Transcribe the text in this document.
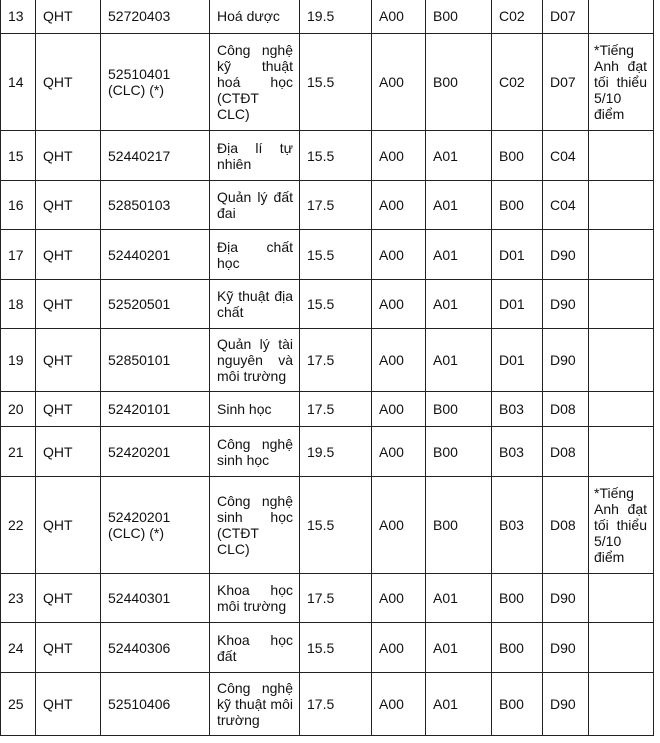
13	QHT	52720403	Hoá dược	19.5	A00	B00	C02	D07	
14	QHT	52510401 (CLC) (*)	Công nghệ kỹ thuật hoá học (CTĐT CLC)	15.5	A00	B00	C02	D07	*Tiếng Anh đạt tối thiểu 5/10 điểm
15	QHT	52440217	Địa lí tự nhiên	15.5	A00	A01	B00	C04	
16	QHT	52850103	Quản lý đất đai	17.5	A00	A01	B00	C04	
17	QHT	52440201	Địa chất học	15.5	A00	A01	D01	D90	
18	QHT	52520501	Kỹ thuật địa chất	15.5	A00	A01	D01	D90	
19	QHT	52850101	Quản lý tài nguyên và môi trường	17.5	A00	A01	D01	D90	
20	QHT	52420101	Sinh học	17.5	A00	B00	B03	D08	
21	QHT	52420201	Công nghệ sinh học	19.5	A00	B00	B03	D08	
22	QHT	52420201 (CLC) (*)	Công nghệ sinh học (CTĐT CLC)	15.5	A00	B00	B03	D08	*Tiếng Anh đạt tối thiểu 5/10 điểm
23	QHT	52440301	Khoa học môi trường	17.5	A00	A01	B00	D90	
24	QHT	52440306	Khoa học đất	15.5	A00	A01	B00	D90	
25	QHT	52510406	Công nghệ kỹ thuật môi trường	17.5	A00	A01	B00	D90	
